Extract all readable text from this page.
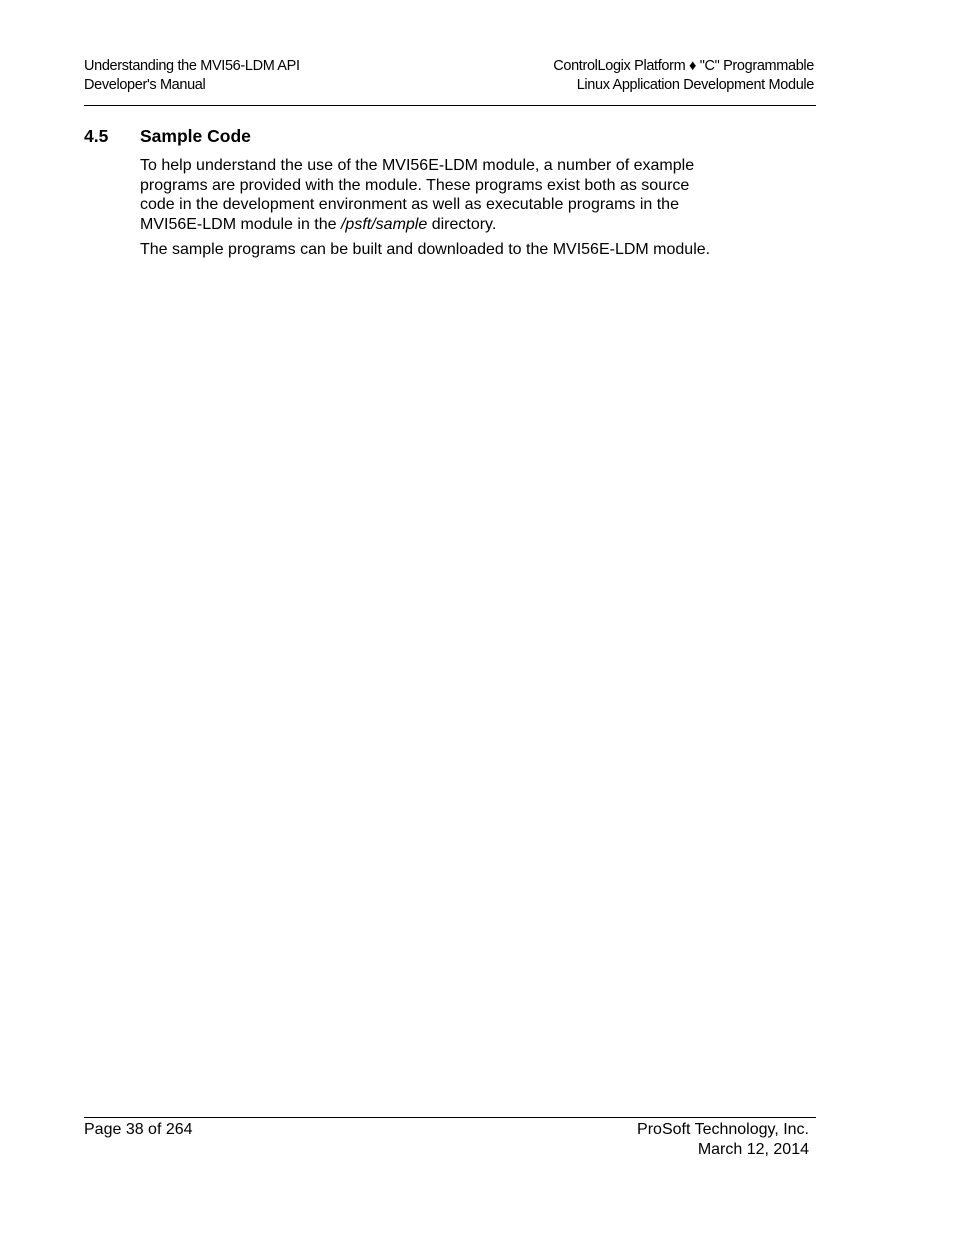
Understanding the MVI56-LDM API
Developer's Manual
ControlLogix Platform ♦ "C" Programmable
Linux Application Development Module
4.5 Sample Code

To help understand the use of the MVI56E-LDM module, a number of example
programs are provided with the module. These programs exist both as source
code in the development environment as well as executable programs in the
MVI56E-LDM module in the /psft/sample directory.

The sample programs can be built and downloaded to the MVI56E-LDM module.

Page 38 of 264	ProSoft Technology, Inc.
March 12, 2014
